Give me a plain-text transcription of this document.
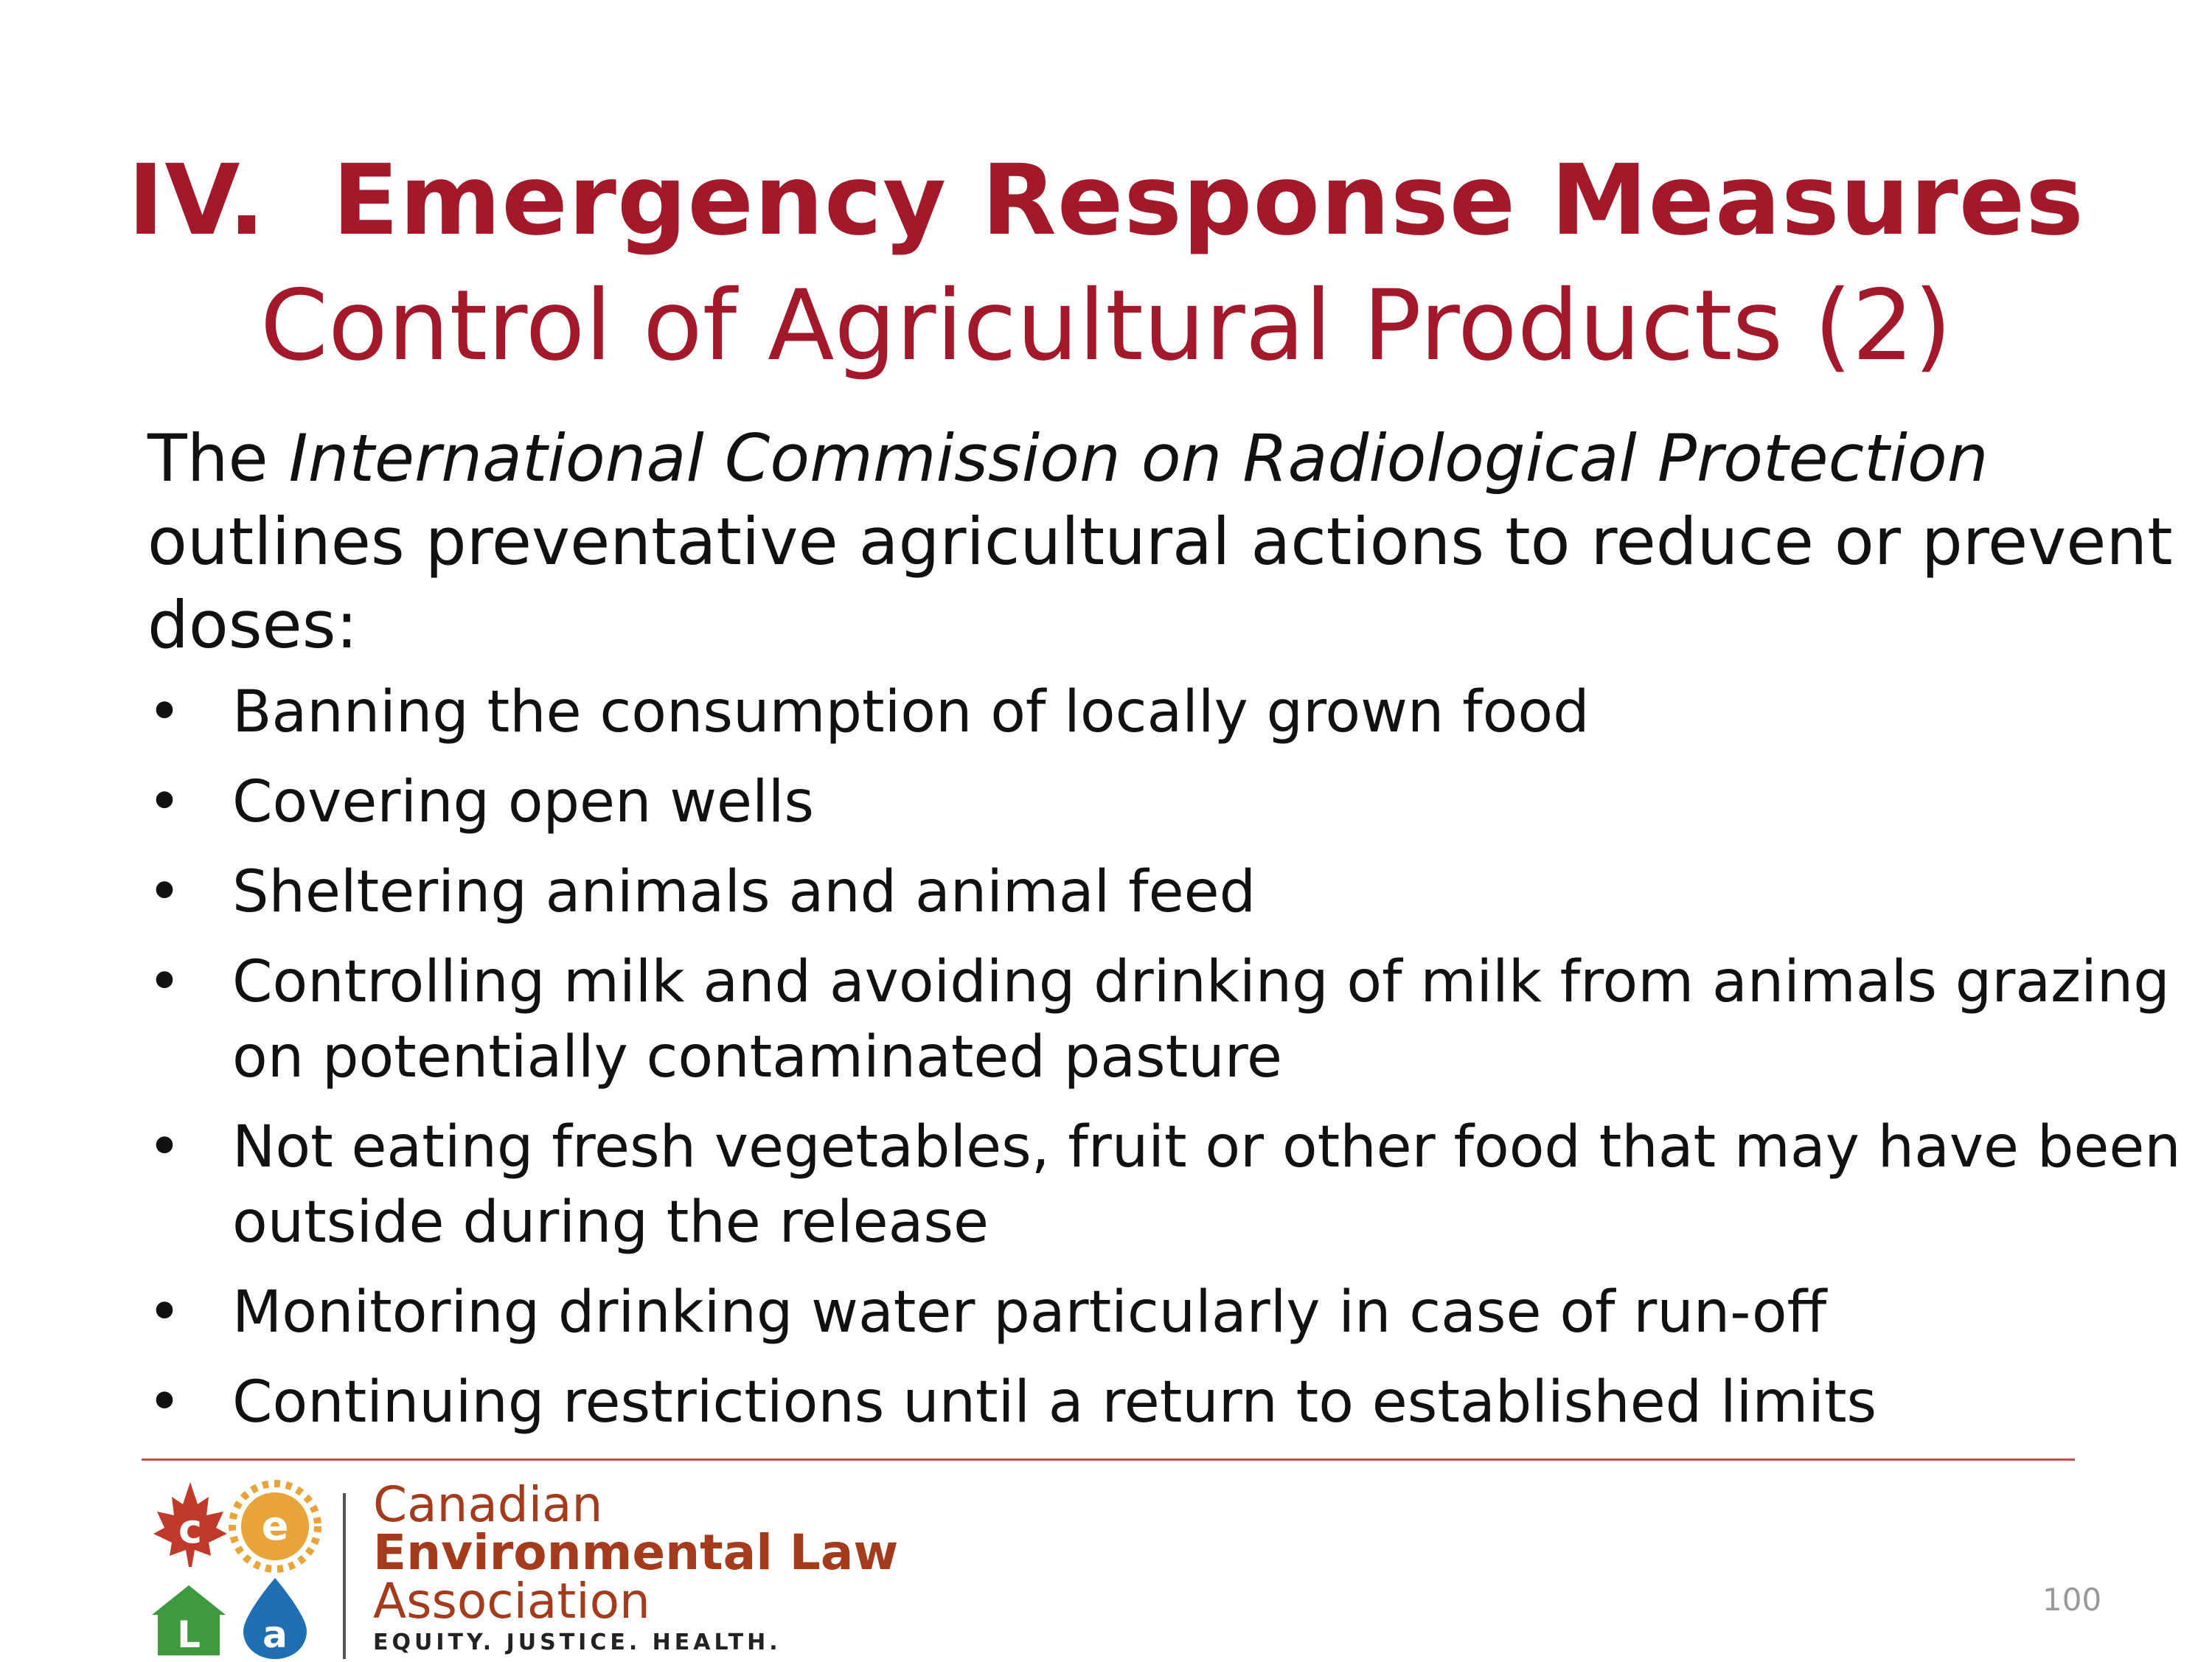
IV. Emergency Response Measures
Control of Agricultural Products (2)
The International Commission on Radiological Protection
outlines preventative agricultural actions to reduce or prevent
doses:
• Banning the consumption of locally grown food
• Covering open wells
• Sheltering animals and animal feed
• Controlling milk and avoiding drinking of milk from animals grazing
on potentially contaminated pasture
• Not eating fresh vegetables, fruit or other food that may have been
outside during the release
• Monitoring drinking water particularly in case of run-off
• Continuing restrictions until a return to established limits
c e
L a
Canadian
Environmental Law
Association
EQUITY. JUSTICE. HEALTH.
100
